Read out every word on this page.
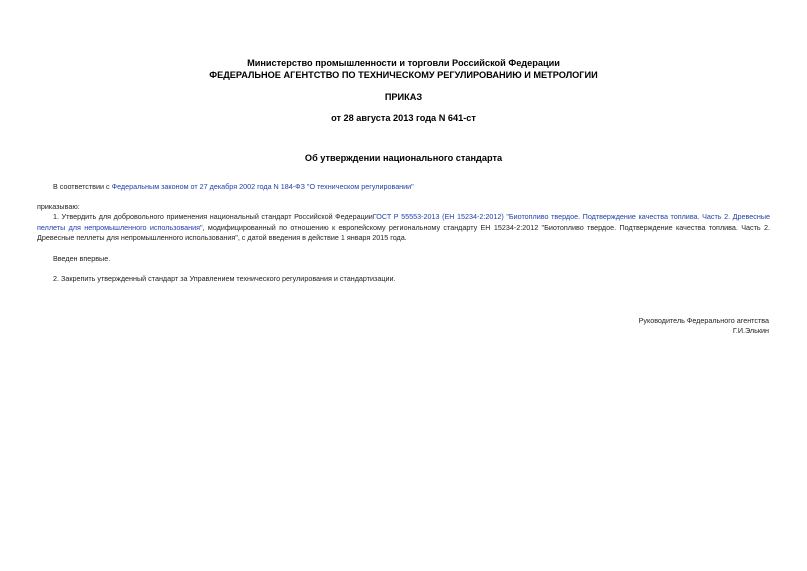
Министерство промышленности и торговли Российской Федерации
ФЕДЕРАЛЬНОЕ АГЕНТСТВО ПО ТЕХНИЧЕСКОМУ РЕГУЛИРОВАНИЮ И МЕТРОЛОГИИ
ПРИКАЗ
от 28 августа 2013 года N 641-ст
Об утверждении национального стандарта
В соответствии с Федеральным законом от 27 декабря 2002 года N 184-ФЗ "О техническом регулировании"
приказываю:
1. Утвердить для добровольного применения национальный стандарт Российской ФедерацииГОСТ Р 55553-2013 (ЕН 15234-2:2012) "Биотопливо твердое. Подтверждение качества топлива. Часть 2. Древесные пеллеты для непромышленного использования", модифицированный по отношению к европейскому региональному стандарту ЕН 15234-2:2012 "Биотопливо твердое. Подтверждение качества топлива. Часть 2. Древесные пеллеты для непромышленного использования", с датой введения в действие 1 января 2015 года.
Введен впервые.
2. Закрепить утвержденный стандарт за Управлением технического регулирования и стандартизации.
Руководитель Федерального агентства
Г.И.Элькин
